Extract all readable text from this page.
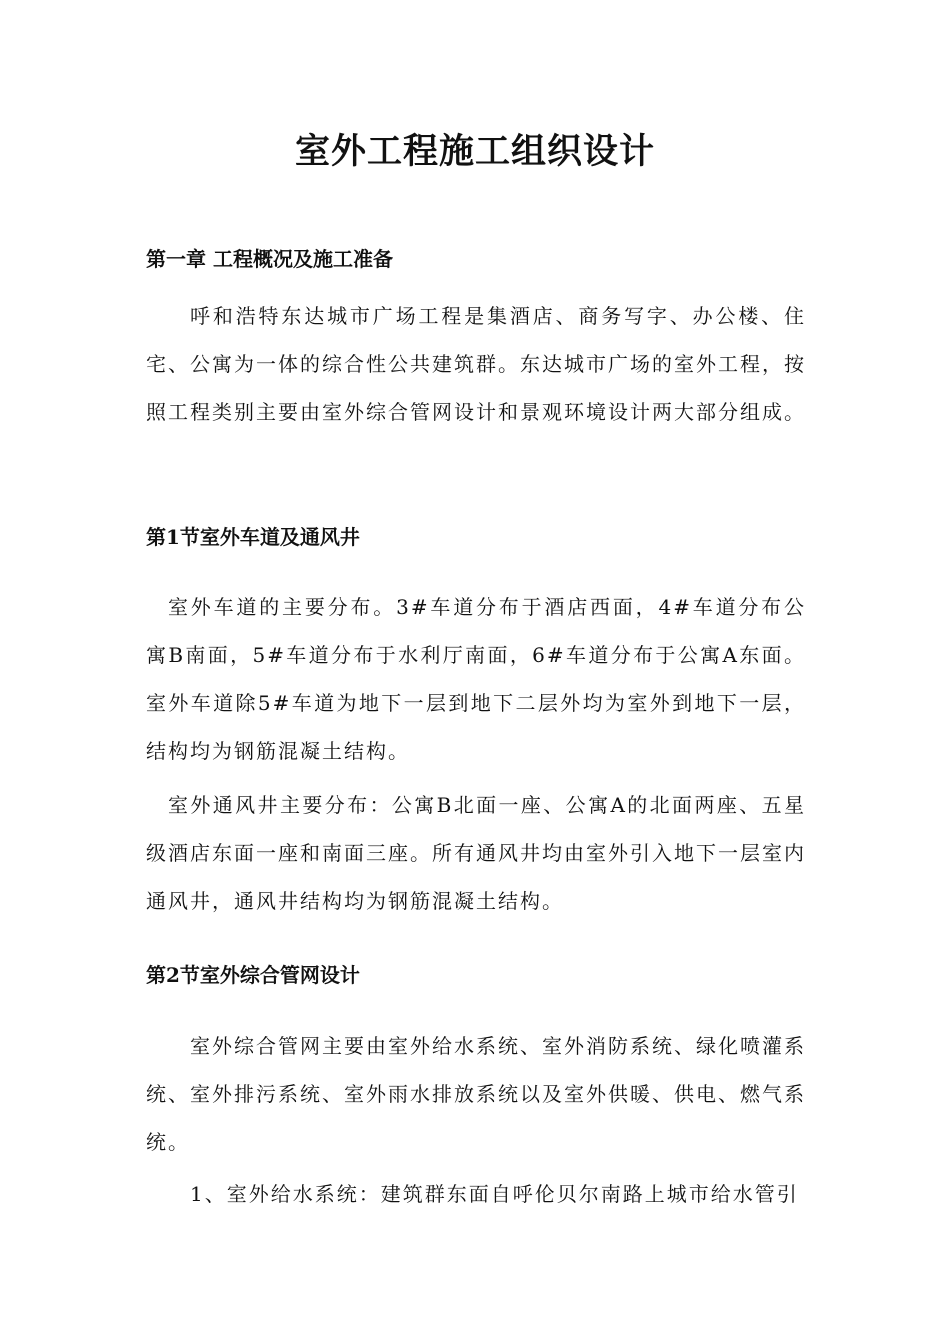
室外工程施工组织设计
第一章 工程概况及施工准备

呼和浩特东达城市广场工程是集酒店、商务写字、办公楼、住宅、公寓为一体的综合性公共建筑群。东达城市广场的室外工程，按照工程类别主要由室外综合管网设计和景观环境设计两大部分组成。

第1节室外车道及通风井

室外车道的主要分布。3#车道分布于酒店西面，4#车道分布公寓B南面，5#车道分布于水利厅南面，6#车道分布于公寓A东面。室外车道除5#车道为地下一层到地下二层外均为室外到地下一层，结构均为钢筋混凝土结构。

室外通风井主要分布：公寓B北面一座、公寓A的北面两座、五星级酒店东面一座和南面三座。所有通风井均由室外引入地下一层室内通风井，通风井结构均为钢筋混凝土结构。

第2节室外综合管网设计

室外综合管网主要由室外给水系统、室外消防系统、绿化喷灌系统、室外排污系统、室外雨水排放系统以及室外供暖、供电、燃气系统。

1、室外给水系统：建筑群东面自呼伦贝尔南路上城市给水管引
